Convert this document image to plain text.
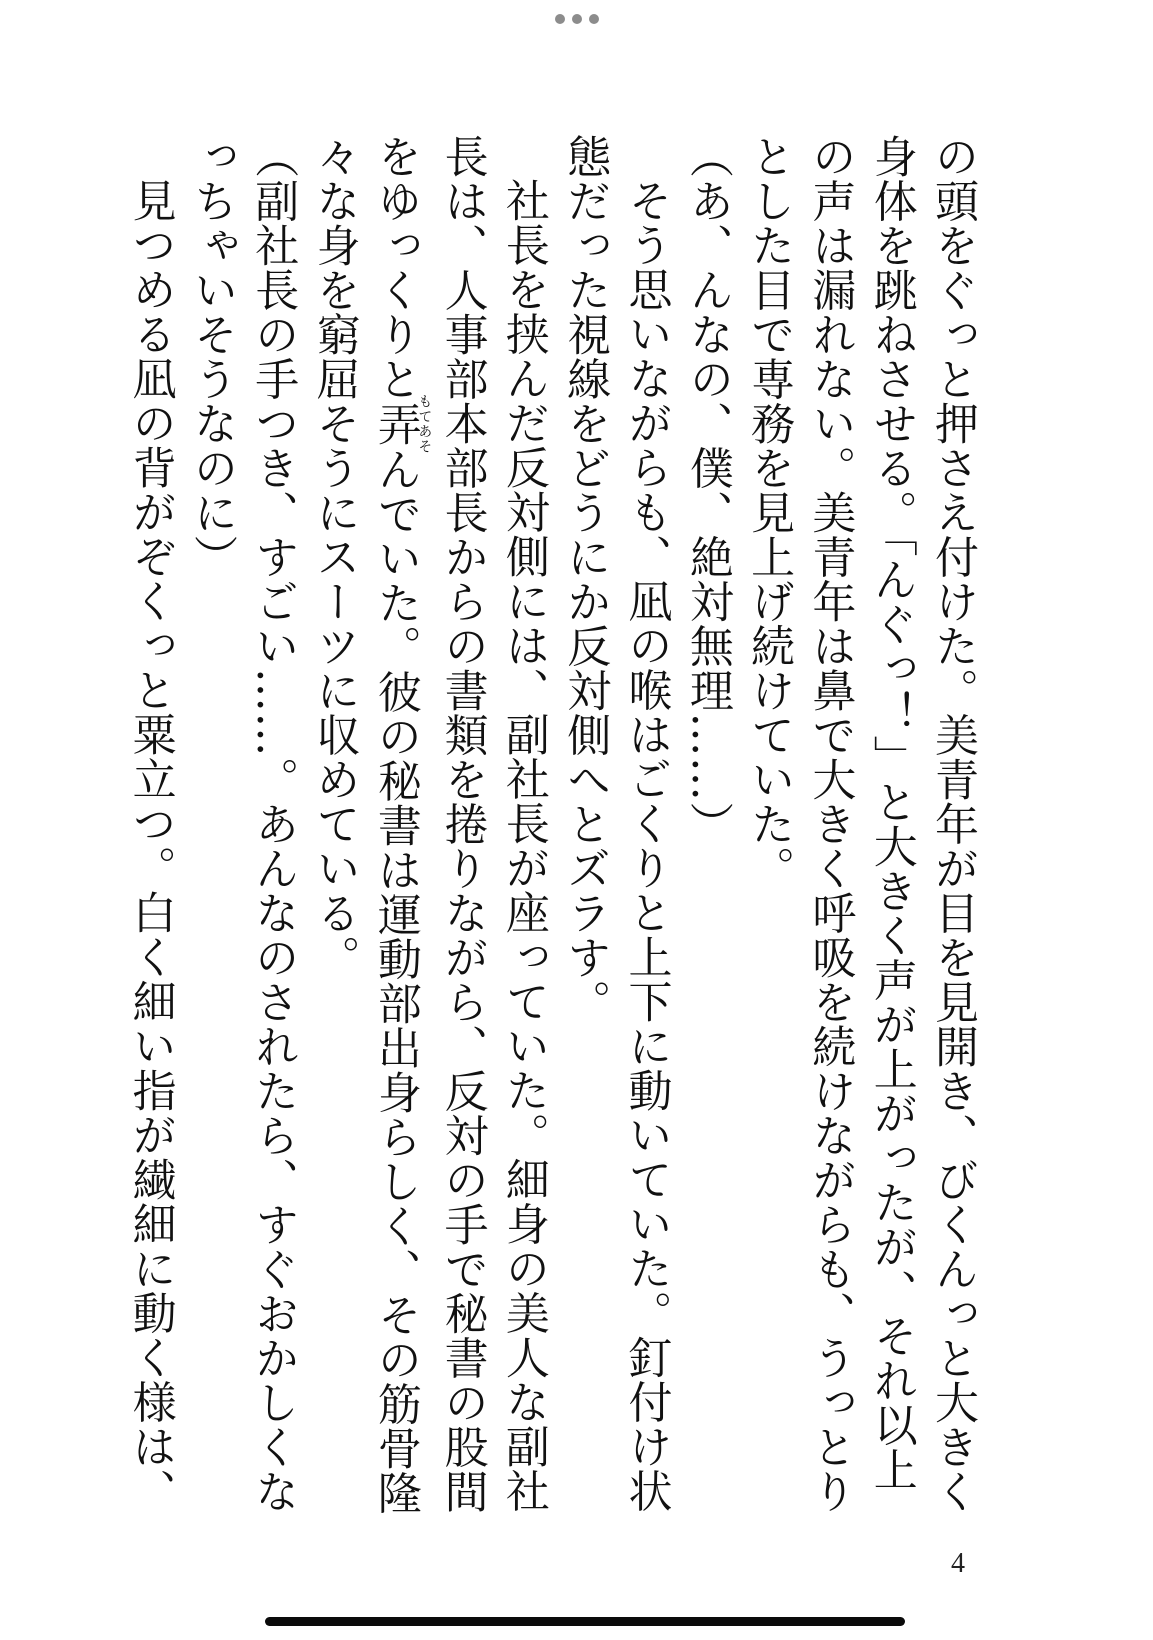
の頭をぐっと押さえ付けた。美青年が目を見開き、びくんっと大きく

身体を跳ねさせる。「んぐっ！」と大きく声が上がったが、それ以上

の声は漏れない。美青年は鼻で大きく呼吸を続けながらも、うっとり

とした目で専務を見上げ続けていた。

（あ、んなの、僕、絶対無理……）

そう思いながらも、凪の喉はごくりと上下に動いていた。釘付け状

態だった視線をどうにか反対側へとズラす。

社長を挟んだ反対側には、副社長が座っていた。細身の美人な副社

長は、人事部本部長からの書類を捲りながら、反対の手で秘書の股間

をゆっくりと弄もてあそんでいた。彼の秘書は運動部出身らしく、その筋骨隆

々な身を窮屈そうにスーツに収めている。

（副社長の手つき、すごい……。あんなのされたら、すぐおかしくな

っちゃいそうなのに）

見つめる凪の背がぞくっと粟立つ。白く細い指が繊細に動く様は、

4
